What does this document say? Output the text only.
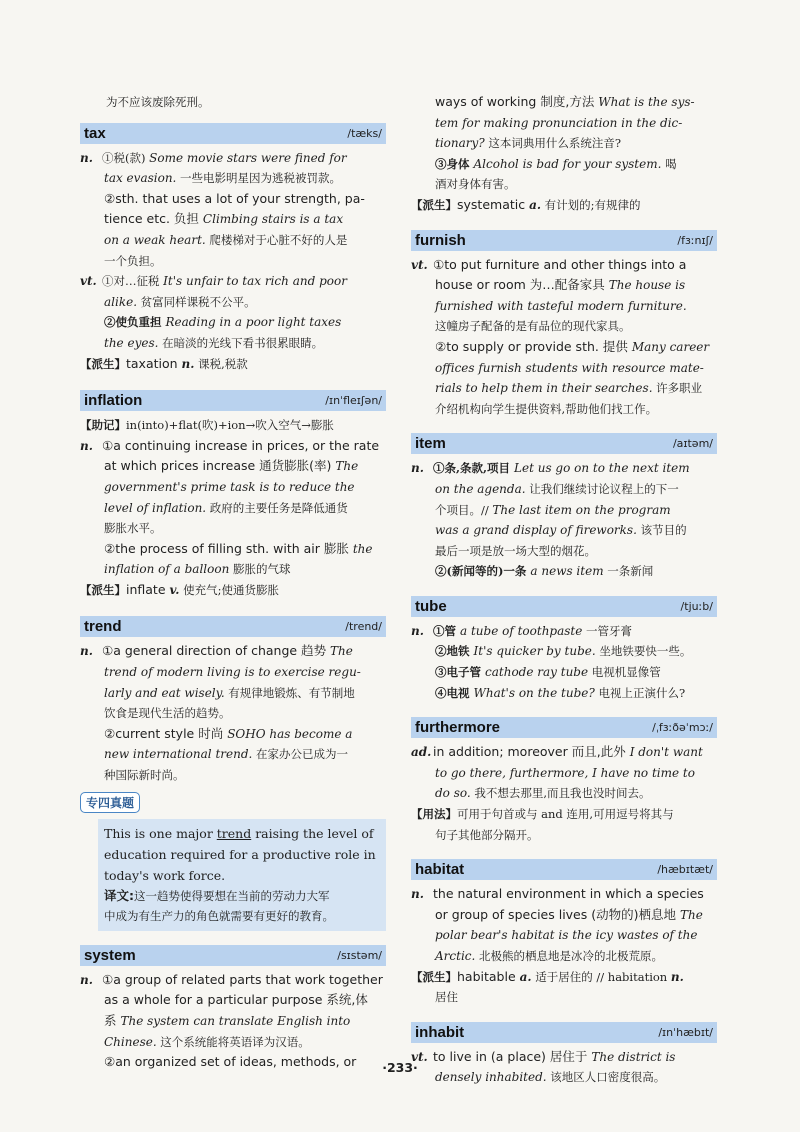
为不应该废除死刑。
tax	/tæks/
n. ①税(款) Some movie stars were fined for
tax evasion. 一些电影明星因为逃税被罚款。
②sth. that uses a lot of your strength, pa-
tience etc. 负担 Climbing stairs is a tax
on a weak heart. 爬楼梯对于心脏不好的人是
一个负担。
vt. ①对…征税 It's unfair to tax rich and poor
alike. 贫富同样课税不公平。
②使负重担 Reading in a poor light taxes
the eyes. 在暗淡的光线下看书很累眼睛。
【派生】taxation n. 课税,税款
inflation	/ɪnˈfleɪʃən/
【助记】in(into)+flat(吹)+ion→吹入空气→膨胀
n. ①a continuing increase in prices, or the rate
at which prices increase 通货膨胀(率) The
government's prime task is to reduce the
level of inflation. 政府的主要任务是降低通货
膨胀水平。
②the process of filling sth. with air 膨胀 the
inflation of a balloon 膨胀的气球
【派生】inflate v. 使充气;使通货膨胀
trend	/trend/
n. ①a general direction of change 趋势 The
trend of modern living is to exercise regu-
larly and eat wisely. 有规律地锻炼、有节制地
饮食是现代生活的趋势。
②current style 时尚 SOHO has become a
new international trend. 在家办公已成为一
种国际新时尚。
专四真题
This is one major trend raising the level of
education required for a productive role in
today's work force.
译文:这一趋势使得要想在当前的劳动力大军
中成为有生产力的角色就需要有更好的教育。
system	/sɪstəm/
n. ①a group of related parts that work together
as a whole for a particular purpose 系统,体
系 The system can translate English into
Chinese. 这个系统能将英语译为汉语。
②an organized set of ideas, methods, or
ways of working 制度,方法 What is the sys-
tem for making pronunciation in the dic-
tionary? 这本词典用什么系统注音?
③身体 Alcohol is bad for your system. 喝
酒对身体有害。
【派生】systematic a. 有计划的;有规律的
furnish	/fɜːnɪʃ/
vt. ①to put furniture and other things into a
house or room 为…配备家具 The house is
furnished with tasteful modern furniture.
这幢房子配备的是有品位的现代家具。
②to supply or provide sth. 提供 Many career
offices furnish students with resource mate-
rials to help them in their searches. 许多职业
介绍机构向学生提供资料,帮助他们找工作。
item	/aɪtəm/
n. ①条,条款,项目 Let us go on to the next item
on the agenda. 让我们继续讨论议程上的下一
个项目。// The last item on the program
was a grand display of fireworks. 该节目的
最后一项是放一场大型的烟花。
②(新闻等的)一条 a news item 一条新闻
tube	/tjuːb/
n. ①管 a tube of toothpaste 一管牙膏
②地铁 It's quicker by tube. 坐地铁要快一些。
③电子管 cathode ray tube 电视机显像管
④电视 What's on the tube? 电视上正演什么?
furthermore	/ˌfɜːðəˈmɔː/
ad. in addition; moreover 而且,此外 I don't want
to go there, furthermore, I have no time to
do so. 我不想去那里,而且我也没时间去。
【用法】可用于句首或与 and 连用,可用逗号将其与
句子其他部分隔开。
habitat	/hæbɪtæt/
n. the natural environment in which a species
or group of species lives (动物的)栖息地 The
polar bear's habitat is the icy wastes of the
Arctic. 北极熊的栖息地是冰冷的北极荒原。
【派生】habitable a. 适于居住的 // habitation n.
居住
inhabit	/ɪnˈhæbɪt/
vt. to live in (a place) 居住于 The district is
densely inhabited. 该地区人口密度很高。
·233·
